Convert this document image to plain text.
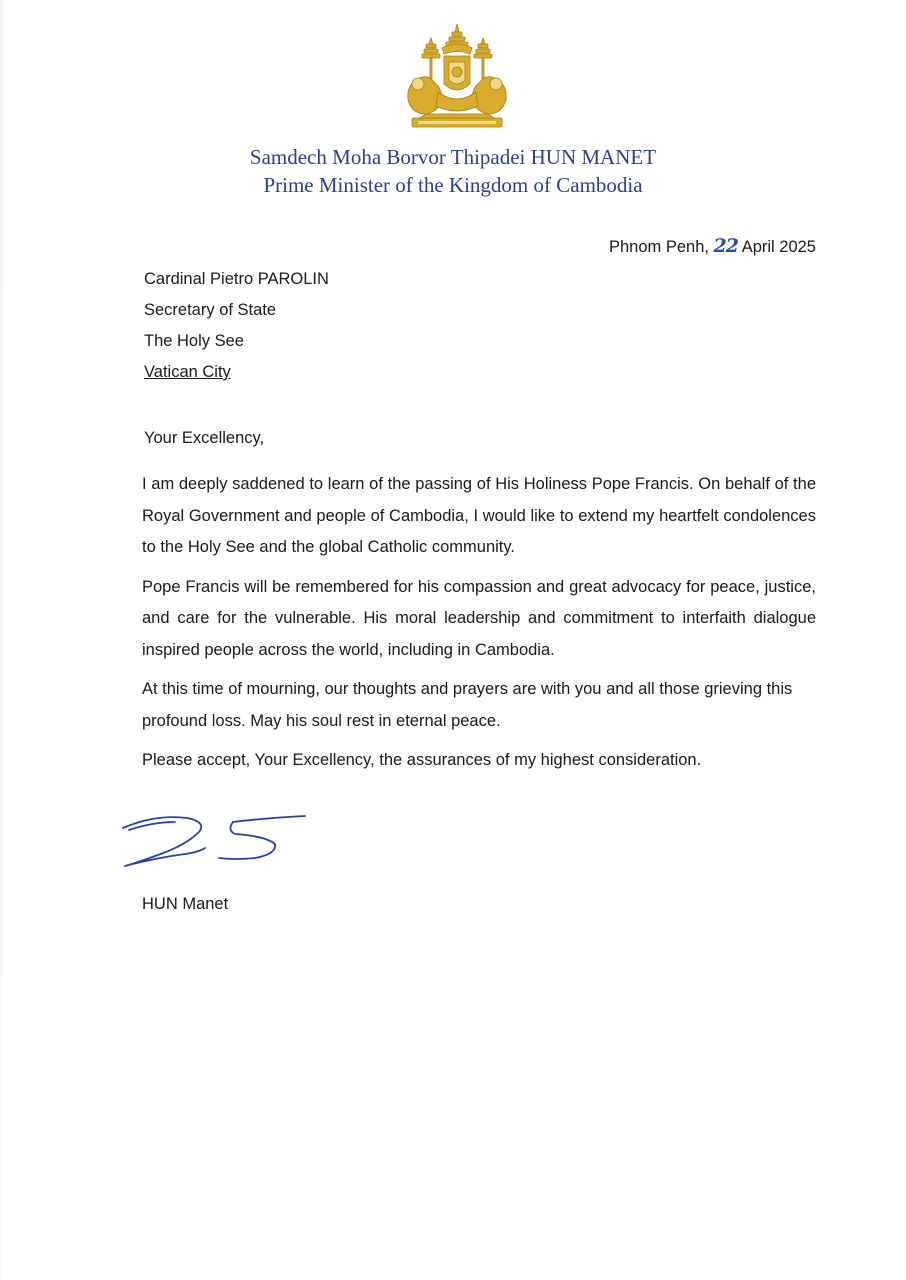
Samdech Moha Borvor Thipadei HUN MANET
Prime Minister of the Kingdom of Cambodia
Phnom Penh, 22 April 2025
Cardinal Pietro PAROLIN
Secretary of State
The Holy See
Vatican City
Your Excellency,

I am deeply saddened to learn of the passing of His Holiness Pope Francis. On behalf of the Royal Government and people of Cambodia, I would like to extend my heartfelt condolences to the Holy See and the global Catholic community.

Pope Francis will be remembered for his compassion and great advocacy for peace, justice, and care for the vulnerable. His moral leadership and commitment to interfaith dialogue inspired people across the world, including in Cambodia.

At this time of mourning, our thoughts and prayers are with you and all those grieving this profound loss. May his soul rest in eternal peace.

Please accept, Your Excellency, the assurances of my highest consideration.

HUN Manet
